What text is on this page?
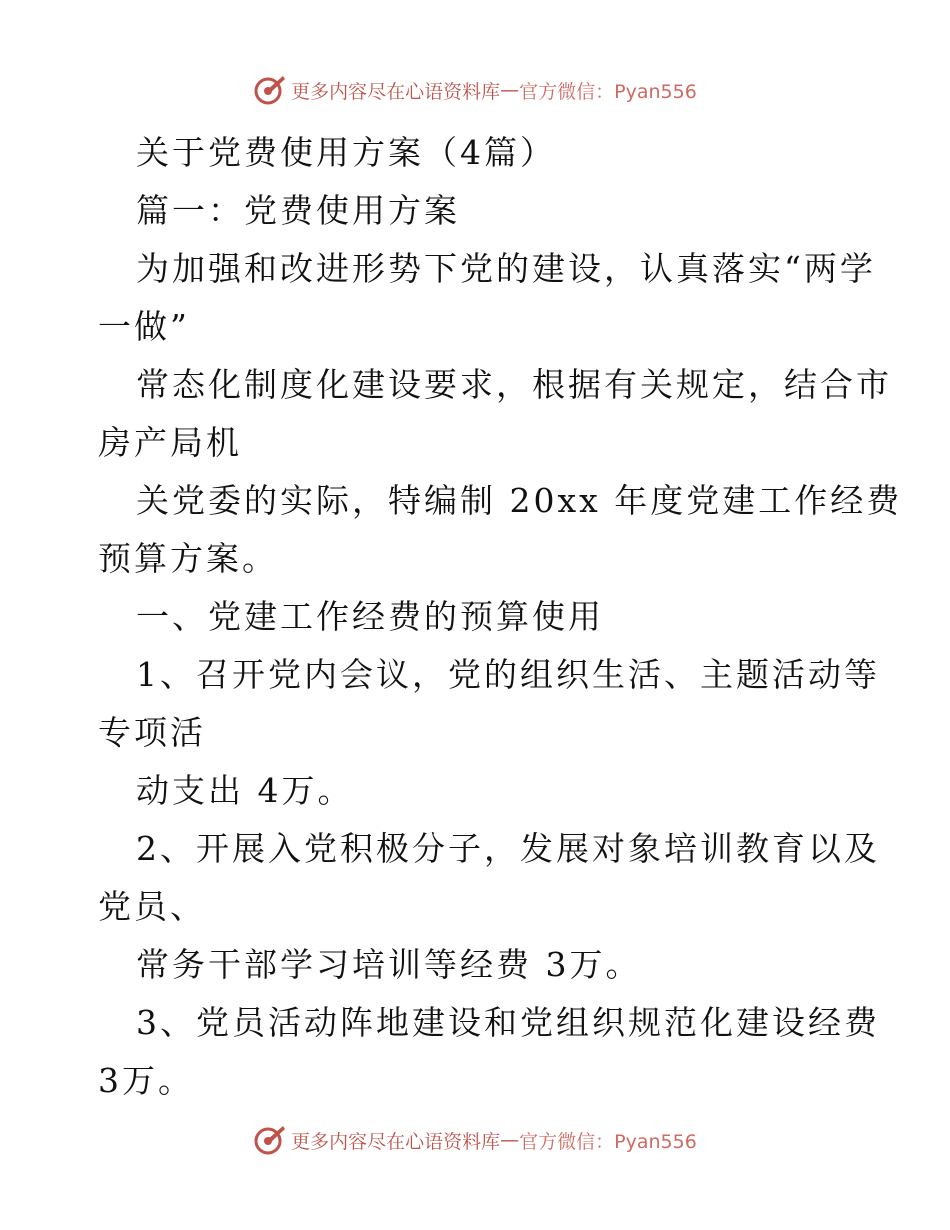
更多内容尽在心语资料库 — 官方微信：Pyan556

关于党费使用方案（4篇）

篇一：党费使用方案

为加强和改进形势下党的建设，认真落实“两学

一做”

常态化制度化建设要求，根据有关规定，结合市

房产局机

关党委的实际，特编制 20xx 年度党建工作经费

预算方案。

一、党建工作经费的预算使用

1、召开党内会议，党的组织生活、主题活动等

专项活

动支出 4万。

2、开展入党积极分子，发展对象培训教育以及

党员、

常务干部学习培训等经费 3万。

3、党员活动阵地建设和党组织规范化建设经费

3万。

更多内容尽在心语资料库 — 官方微信：Pyan556
